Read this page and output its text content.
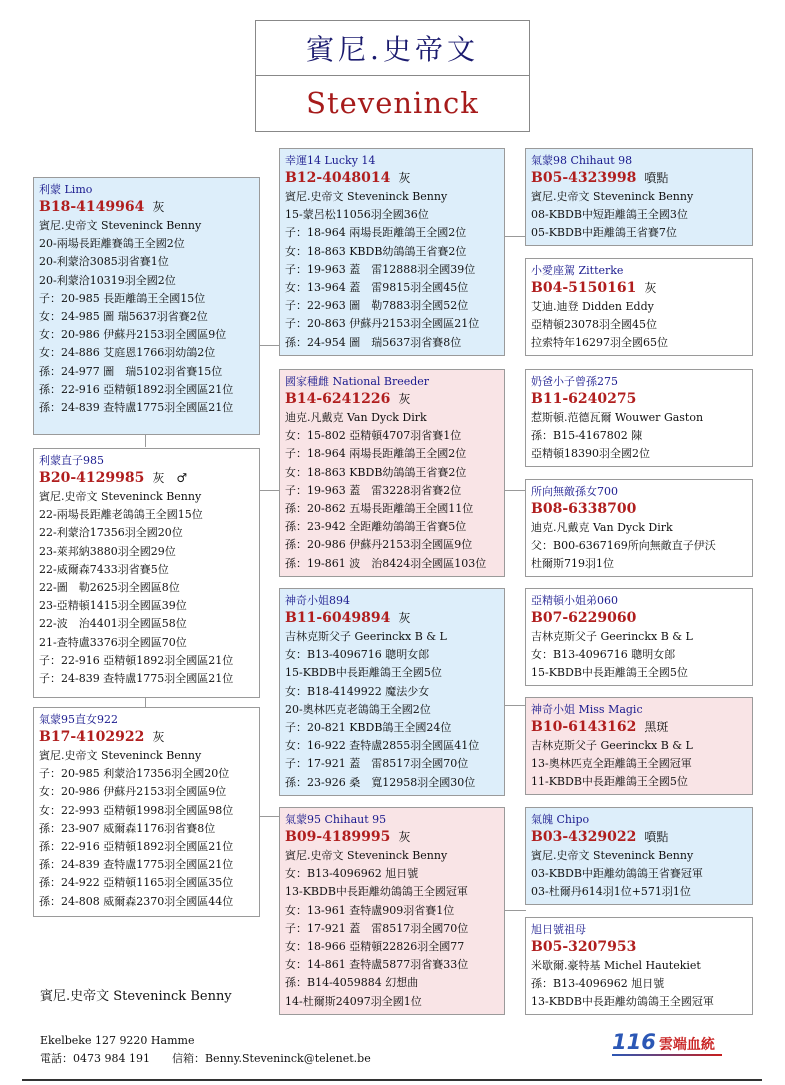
賓尼.史帝文
Steveninck
利蒙 Limo
B18-4149964 灰
賓尼.史帝文 Steveninck Benny
20-兩場長距離賽鴿王全國2位
20-利蒙洽3085羽省賽1位
20-利蒙洽10319羽全國2位
子：20-985 長距離鴿王全國15位
女：24-985 圖 瑞5637羽省賽2位
女：20-986 伊蘇丹2153羽全國區9位
女：24-886 艾庭恩1766羽幼鴿2位
孫：24-977 圖　瑞5102羽省賽15位
孫：22-916 亞精頓1892羽全國區21位
孫：24-839 查特盧1775羽全國區21位
利蒙直子985
B20-4129985 灰　♂
賓尼.史帝文 Steveninck Benny
22-兩場長距離老鴿鴿王全國15位
22-利蒙洽17356羽全國20位
23-萊邦納3880羽全國29位
22-威爾森7433羽省賽5位
22-圖　勒2625羽全國區8位
23-亞精頓1415羽全國區39位
22-波　治4401羽全國區58位
21-查特盧3376羽全國區70位
子：22-916 亞精頓1892羽全國區21位
子：24-839 查特盧1775羽全國區21位
氣蒙95直女922
B17-4102922 灰
賓尼.史帝文 Steveninck Benny
子：20-985 利蒙洽17356羽全國20位
女：20-986 伊蘇丹2153羽全國區9位
女：22-993 亞精頓1998羽全國區98位
孫：23-907 威爾森1176羽省賽8位
孫：22-916 亞精頓1892羽全國區21位
孫：24-839 查特盧1775羽全國區21位
孫：24-922 亞精頓1165羽全國區35位
孫：24-808 威爾森2370羽全國區44位
幸運14 Lucky 14
B12-4048014 灰
賓尼.史帝文 Steveninck Benny
15-蒙呂松11056羽全國36位
子：18-964 兩場長距離鴿王全國2位
女：18-863 KBDB幼鴿鴿王省賽2位
子：19-963 蓋　雷12888羽全國39位
女：13-964 蓋　雷9815羽全國45位
子：22-963 圖　勒7883羽全國52位
子：20-863 伊蘇丹2153羽全國區21位
孫：24-954 圖　瑞5637羽省賽8位
國家種雌 National Breeder
B14-6241226 灰
迪克.凡戴克 Van Dyck Dirk
女：15-802 亞精頓4707羽省賽1位
子：18-964 兩場長距離鴿王全國2位
女：18-863 KBDB幼鴿鴿王省賽2位
子：19-963 蓋　雷3228羽省賽2位
孫：20-862 五場長距離鴿王全國11位
孫：23-942 全距離幼鴿鴿王省賽5位
孫：20-986 伊蘇丹2153羽全國區9位
孫：19-861 波　治8424羽全國區103位
神奇小姐894
B11-6049894 灰
吉林克斯父子 Geerinckx B & L
女：B13-4096716 聰明女郎
15-KBDB中長距離鴿王全國5位
女：B18-4149922 魔法少女
20-奧林匹克老鴿鴿王全國2位
子：20-821 KBDB鴿王全國24位
女：16-922 查特盧2855羽全國區41位
子：17-921 蓋　雷8517羽全國70位
孫：23-926 桑　寬12958羽全國30位
氣蒙95 Chihaut 95
B09-4189995 灰
賓尼.史帝文 Steveninck Benny
女：B13-4096962 旭日號
13-KBDB中長距離幼鴿鴿王全國冠軍
女：13-961 查特盧909羽省賽1位
子：17-921 蓋　雷8517羽全國70位
女：18-966 亞精頓22826羽全國77
女：14-861 查特盧5877羽省賽33位
孫：B14-4059884 幻想曲
14-杜爾斯24097羽全國1位
氣蒙98 Chihaut 98
B05-4323998 噴點
賓尼.史帝文 Steveninck Benny
08-KBDB中短距離鴿王全國3位
05-KBDB中距離鴿王省賽7位
小愛座駕 Zitterke
B04-5150161 灰
艾迪.迪登 Didden Eddy
亞精頓23078羽全國45位
拉索特年16297羽全國65位
奶爸小子曾孫275
B11-6240275
惹斯頓.范德瓦爾 Wouwer Gaston
孫：B15-4167802 陳
亞精頓18390羽全國2位
所向無敵孫女700
B08-6338700
迪克.凡戴克 Van Dyck Dirk
父：B00-6367169所向無敵直子伊沃
杜爾斯719羽1位
亞精頓小姐弟060
B07-6229060
吉林克斯父子 Geerinckx B & L
女：B13-4096716 聰明女郎
15-KBDB中長距離鴿王全國5位
神奇小姐 Miss Magic
B10-6143162 黑斑
吉林克斯父子 Geerinckx B & L
13-奧林匹克全距離鴿王全國冠軍
11-KBDB中長距離鴿王全國5位
氣魄 Chipo
B03-4329022 噴點
賓尼.史帝文 Steveninck Benny
03-KBDB中距離幼鴿鴿王省賽冠軍
03-杜爾丹614羽1位+571羽1位
旭日號祖母
B05-3207953
米歇爾.豪特基 Michel Hautekiet
孫：B13-4096962 旭日號
13-KBDB中長距離幼鴿鴿王全國冠軍
賓尼.史帝文 Steveninck Benny
Ekelbeke 127 9220 Hamme
電話：0473 984 191　　信箱：Benny.Steveninck@telenet.be
116 雲端血統
